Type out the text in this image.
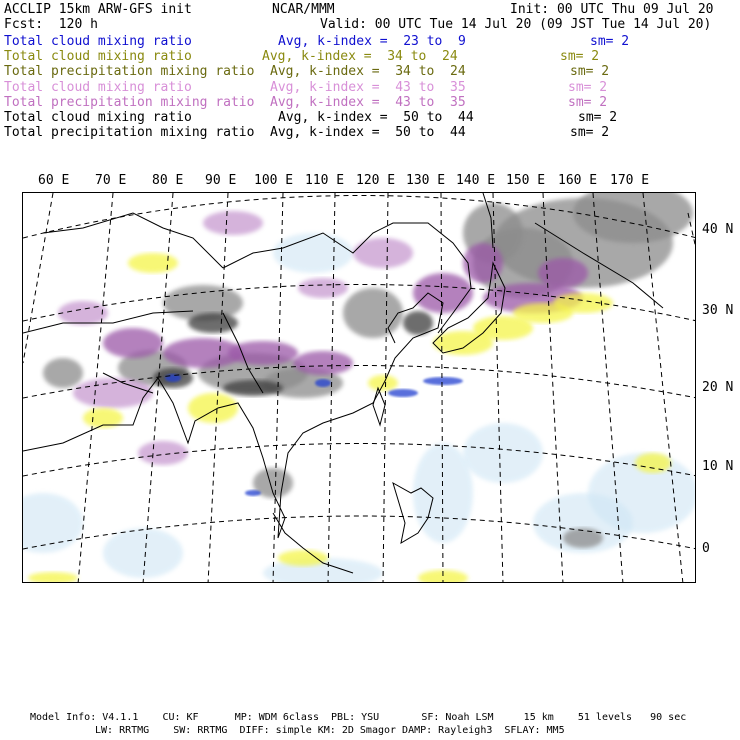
ACCLIP 15km ARW-GFS init	NCAR/MMM	Init: 00 UTC Thu 09 Jul 20
Fcst:  120 h	Valid: 00 UTC Tue 14 Jul 20 (09 JST Tue 14 Jul 20)
Total cloud mixing ratio	Avg, k-index =  23 to  9	sm= 2
Total cloud mixing ratio	Avg, k-index =  34 to  24	sm= 2
Total precipitation mixing ratio Avg, k-index =  34 to  24	sm= 2
Total cloud mixing ratio	Avg, k-index =  43 to  35	sm= 2
Total precipitation mixing ratio Avg, k-index =  43 to  35	sm= 2
Total cloud mixing ratio	Avg, k-index =  50 to  44	sm= 2
Total precipitation mixing ratio Avg, k-index =  50 to  44	sm= 2
60 E 70 E 80 E 90 E 100 E 110 E 120 E 130 E 140 E 150 E 160 E 170 E
40 N
30 N
20 N
10 N
0
Model Info: V4.1.1    CU: KF      MP: WDM 6class  PBL: YSU       SF: Noah LSM     15 km    51 levels   90 sec
LW: RRTMG    SW: RRTMG  DIFF: simple KM: 2D Smagor DAMP: Rayleigh3  SFLAY: MM5
